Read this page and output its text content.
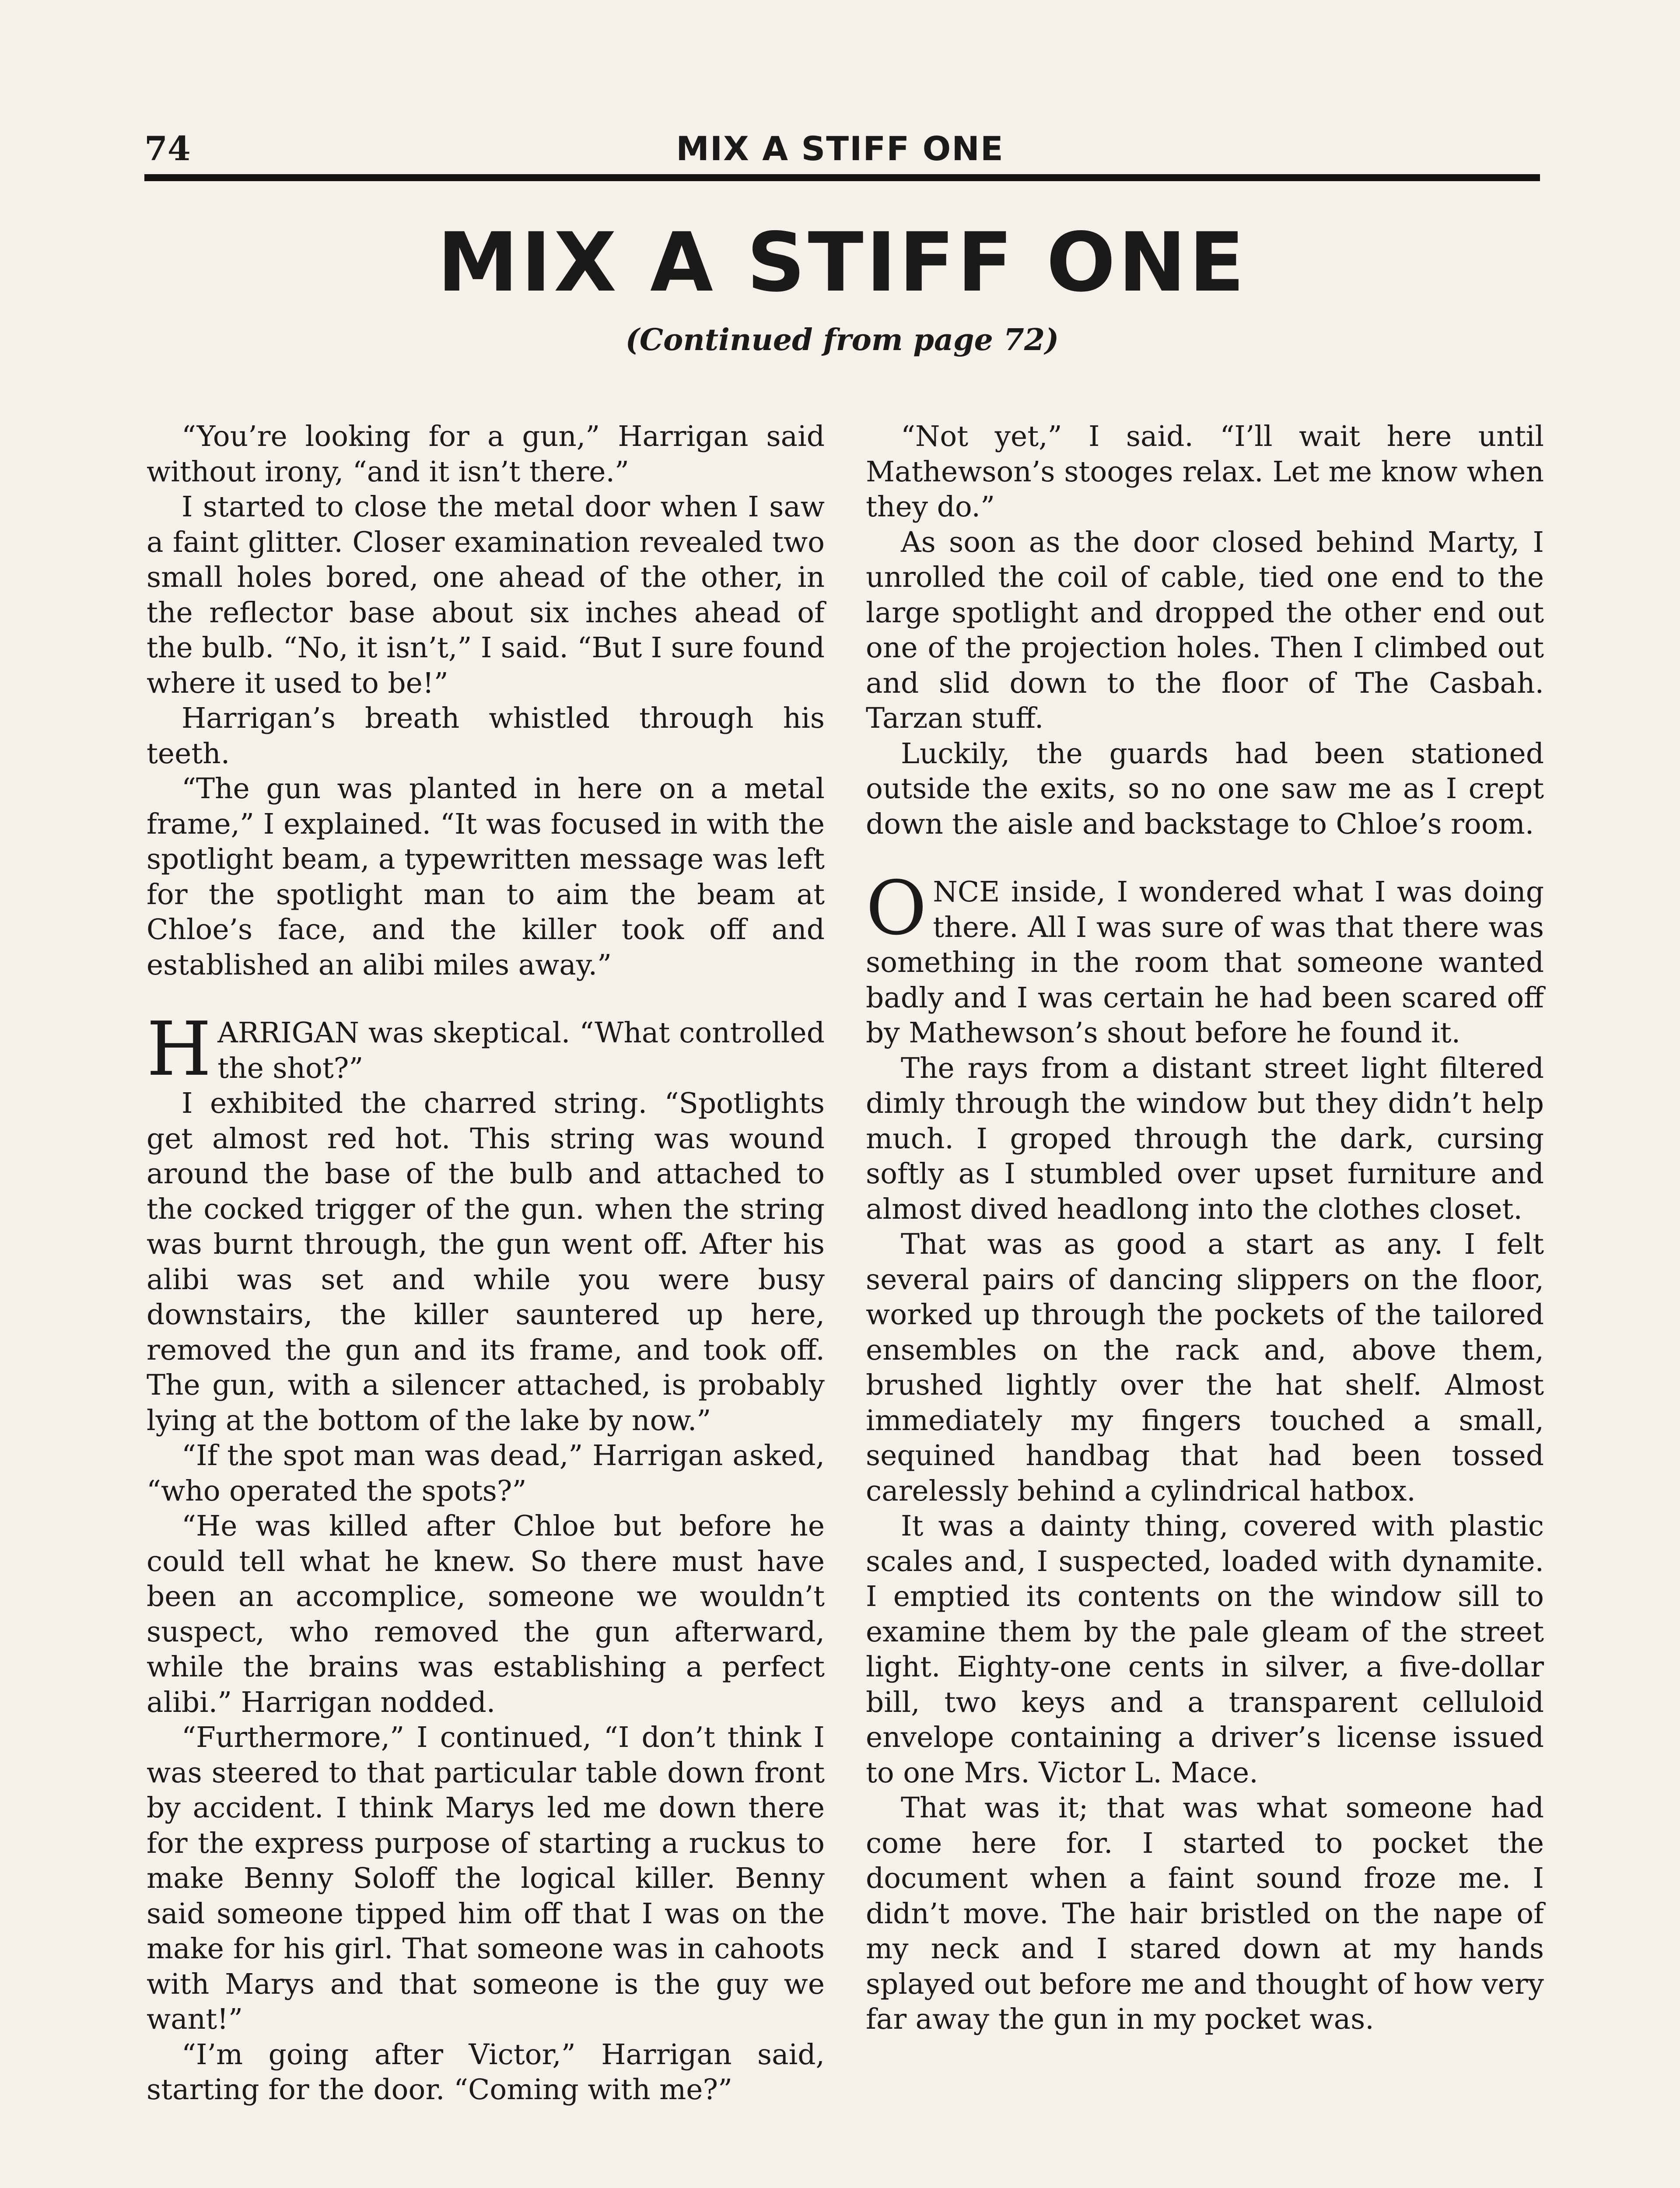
74	MIX A STIFF ONE
MIX A STIFF ONE
(Continued from page 72)

“You’re looking for a gun,” Harrigan said without irony, “and it isn’t there.”

I started to close the metal door when I saw a faint glitter. Closer examination revealed two small holes bored, one ahead of the other, in the reflector base about six inches ahead of the bulb. “No, it isn’t,” I said. “But I sure found where it used to be!”

Harrigan’s breath whistled through his teeth.

“The gun was planted in here on a metal frame,” I explained. “It was focused in with the spotlight beam, a typewritten message was left for the spotlight man to aim the beam at Chloe’s face, and the killer took off and established an alibi miles away.”

HARRIGAN was skeptical. “What controlled the shot?”

I exhibited the charred string. “Spotlights get almost red hot. This string was wound around the base of the bulb and attached to the cocked trigger of the gun. when the string was burnt through, the gun went off. After his alibi was set and while you were busy downstairs, the killer sauntered up here, removed the gun and its frame, and took off. The gun, with a silencer attached, is probably lying at the bottom of the lake by now.”

“If the spot man was dead,” Harrigan asked, “who operated the spots?”

“He was killed after Chloe but before he could tell what he knew. So there must have been an accomplice, someone we wouldn’t suspect, who removed the gun afterward, while the brains was establishing a perfect alibi.” Harrigan nodded.

“Furthermore,” I continued, “I don’t think I was steered to that particular table down front by accident. I think Marys led me down there for the express purpose of starting a ruckus to make Benny Soloff the logical killer. Benny said someone tipped him off that I was on the make for his girl. That someone was in cahoots with Marys and that someone is the guy we want!”

“I’m going after Victor,” Harrigan said, starting for the door. “Coming with me?”

“Not yet,” I said. “I’ll wait here until Mathewson’s stooges relax. Let me know when they do.”

As soon as the door closed behind Marty, I unrolled the coil of cable, tied one end to the large spotlight and dropped the other end out one of the projection holes. Then I climbed out and slid down to the floor of The Casbah. Tarzan stuff.

Luckily, the guards had been stationed outside the exits, so no one saw me as I crept down the aisle and backstage to Chloe’s room.

ONCE inside, I wondered what I was doing there. All I was sure of was that there was something in the room that someone wanted badly and I was certain he had been scared off by Mathewson’s shout before he found it.

The rays from a distant street light filtered dimly through the window but they didn’t help much. I groped through the dark, cursing softly as I stumbled over upset furniture and almost dived headlong into the clothes closet.

That was as good a start as any. I felt several pairs of dancing slippers on the floor, worked up through the pockets of the tailored ensembles on the rack and, above them, brushed lightly over the hat shelf. Almost immediately my fingers touched a small, sequined handbag that had been tossed carelessly behind a cylindrical hatbox.

It was a dainty thing, covered with plastic scales and, I suspected, loaded with dynamite. I emptied its contents on the window sill to examine them by the pale gleam of the street light. Eighty-one cents in silver, a five-dollar bill, two keys and a transparent celluloid envelope containing a driver’s license issued to one Mrs. Victor L. Mace.

That was it; that was what someone had come here for. I started to pocket the document when a faint sound froze me. I didn’t move. The hair bristled on the nape of my neck and I stared down at my hands splayed out before me and thought of how very far away the gun in my pocket was.
